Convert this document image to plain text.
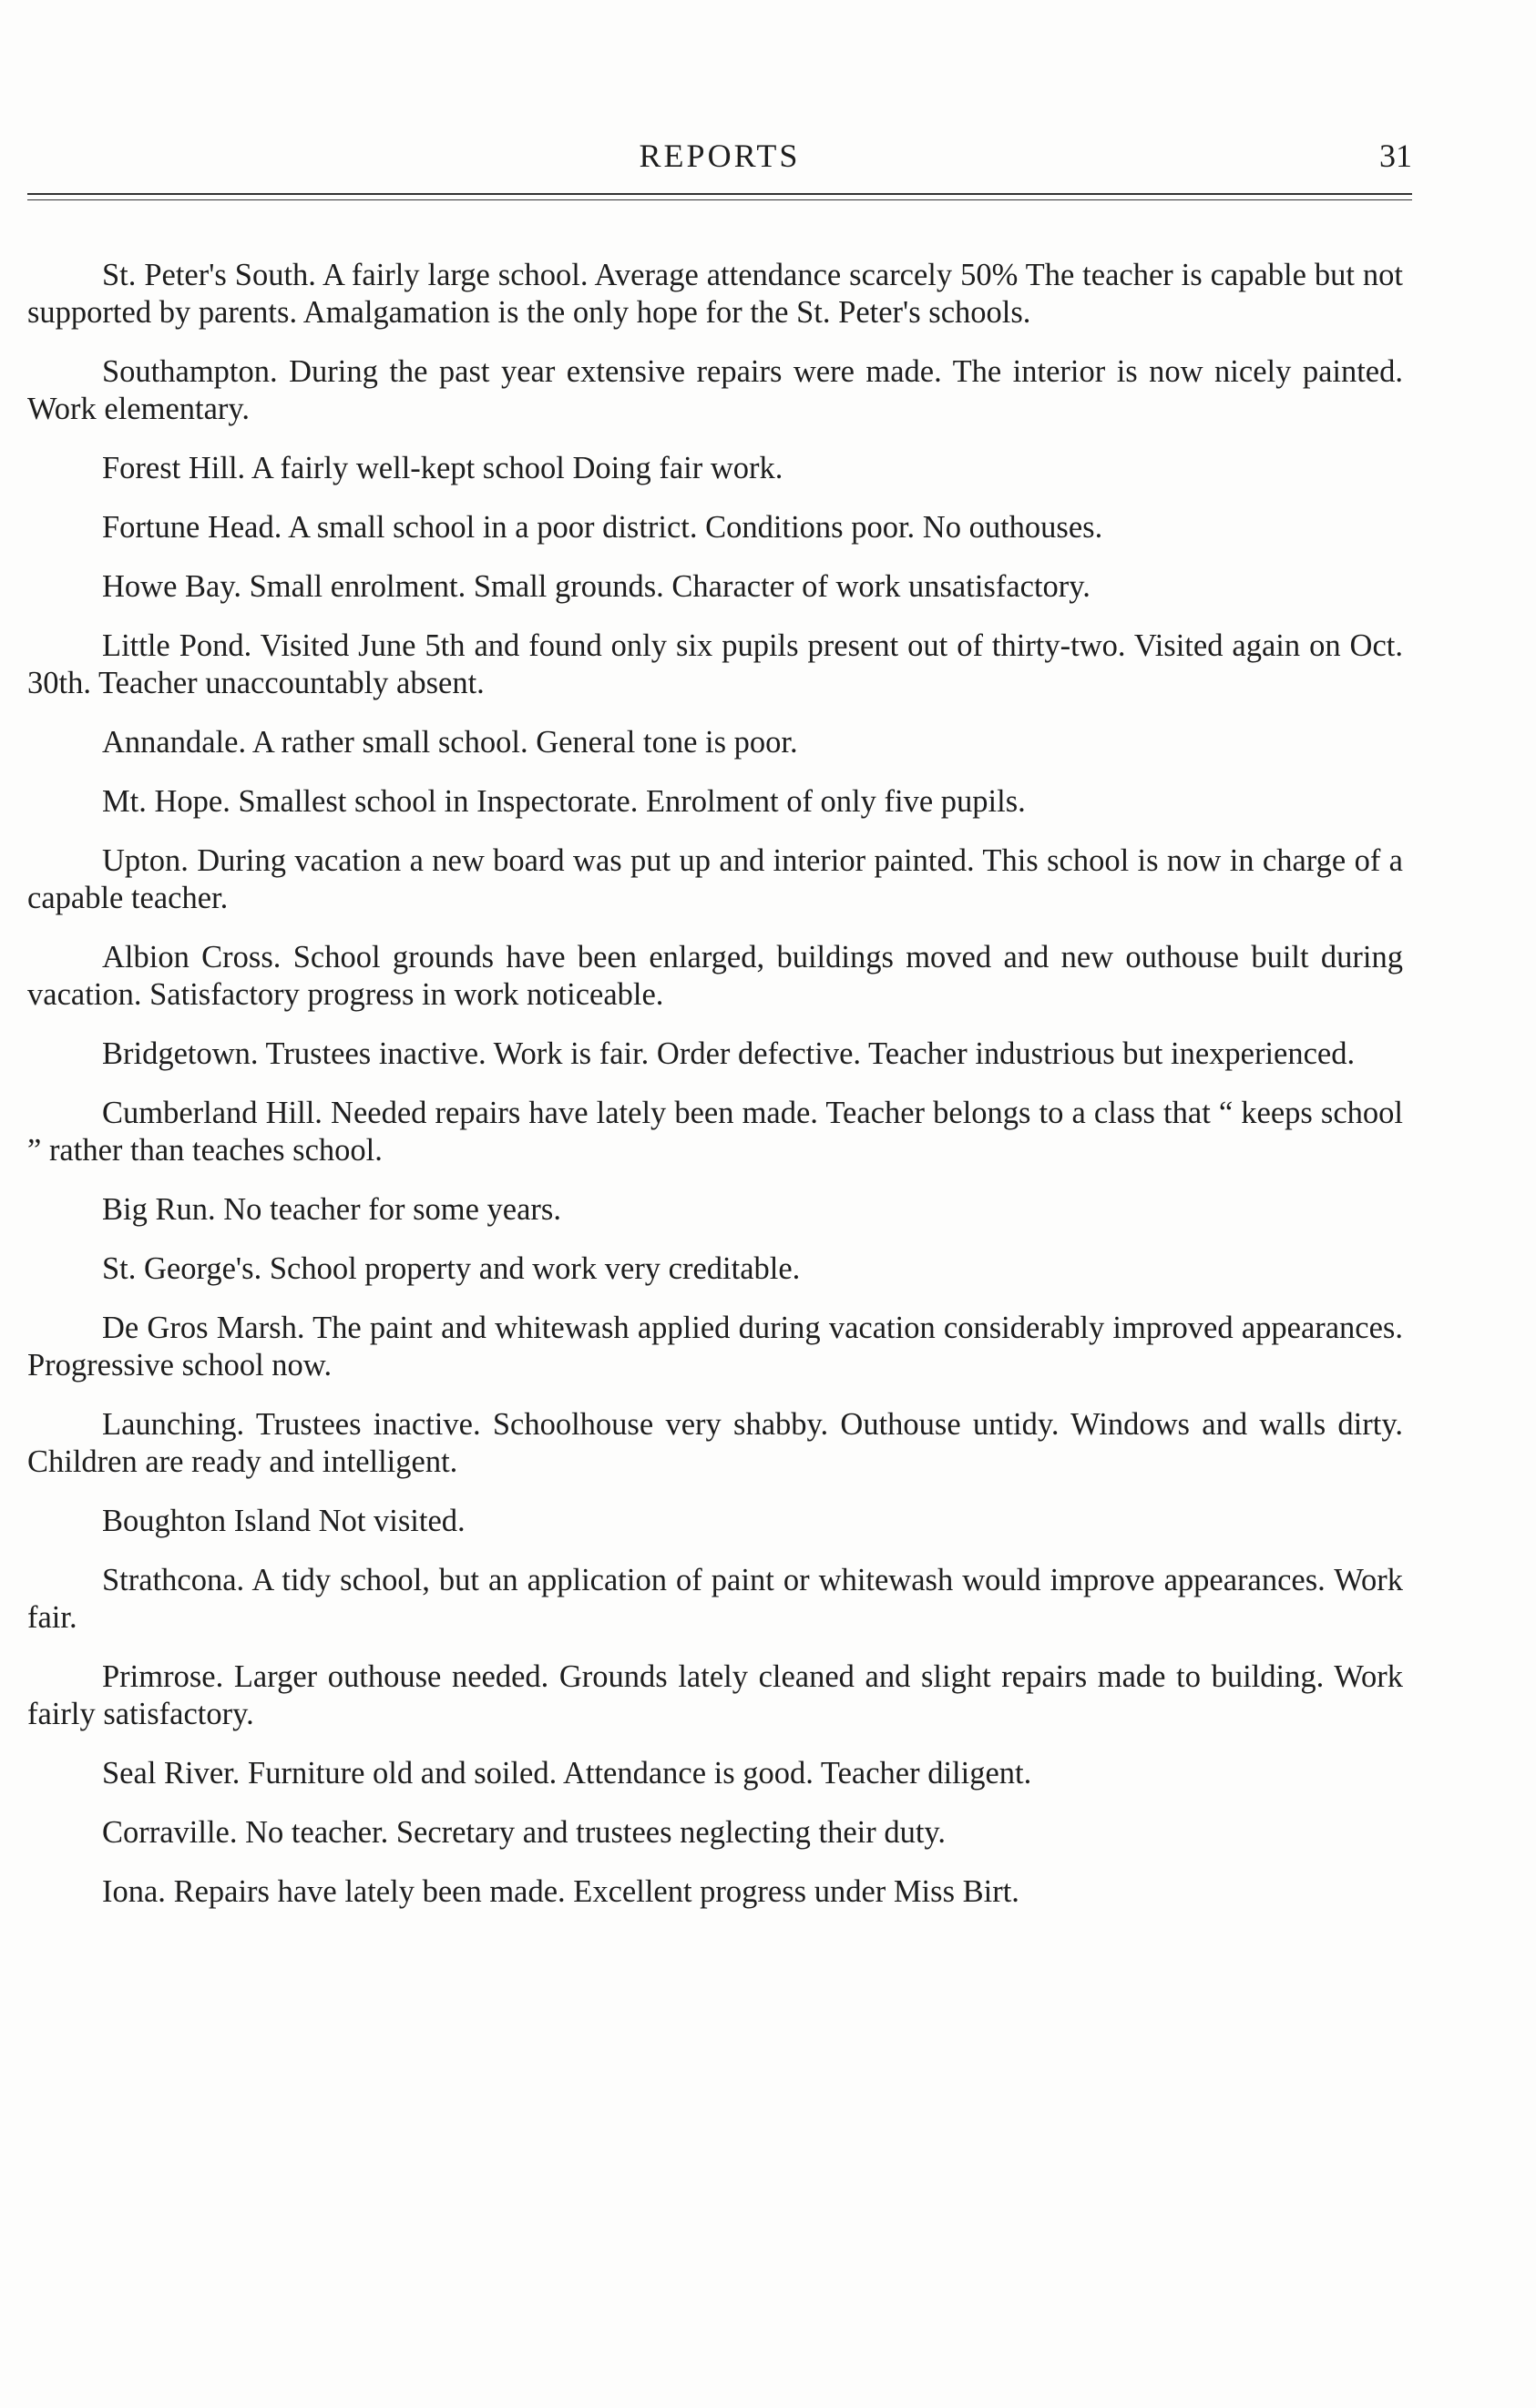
REPORTS	31

St. Peter's South. A fairly large school. Average attendance scarcely 50% The teacher is capable but not supported by parents. Amalgamation is the only hope for the St. Peter's schools.

Southampton. During the past year extensive repairs were made. The interior is now nicely painted. Work elementary.

Forest Hill. A fairly well-kept school Doing fair work.

Fortune Head. A small school in a poor district. Conditions poor. No outhouses.

Howe Bay. Small enrolment. Small grounds. Character of work unsatisfactory.

Little Pond. Visited June 5th and found only six pupils present out of thirty-two. Visited again on Oct. 30th. Teacher unaccountably absent.

Annandale. A rather small school. General tone is poor.

Mt. Hope. Smallest school in Inspectorate. Enrolment of only five pupils.

Upton. During vacation a new board was put up and interior painted. This school is now in charge of a capable teacher.

Albion Cross. School grounds have been enlarged, buildings moved and new outhouse built during vacation. Satisfactory progress in work noticeable.

Bridgetown. Trustees inactive. Work is fair. Order defective. Teacher industrious but inexperienced.

Cumberland Hill. Needed repairs have lately been made. Teacher belongs to a class that “ keeps school ” rather than teaches school.

Big Run. No teacher for some years.

St. George's. School property and work very creditable.

De Gros Marsh. The paint and whitewash applied during vacation considerably improved appearances. Progressive school now.

Launching. Trustees inactive. Schoolhouse very shabby. Outhouse untidy. Windows and walls dirty. Children are ready and intelligent.

Boughton Island Not visited.

Strathcona. A tidy school, but an application of paint or whitewash would improve appearances. Work fair.

Primrose. Larger outhouse needed. Grounds lately cleaned and slight repairs made to building. Work fairly satisfactory.

Seal River. Furniture old and soiled. Attendance is good. Teacher diligent.

Corraville. No teacher. Secretary and trustees neglecting their duty.

Iona. Repairs have lately been made. Excellent progress under Miss Birt.
